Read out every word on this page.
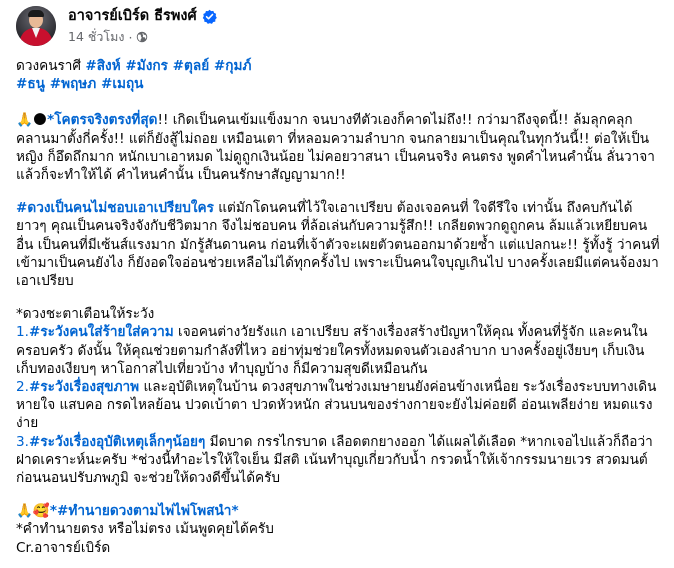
อาจารย์เบิร์ด ธีรพงศ์
14 ชั่วโมง ·

ดวงคนราศี #สิงห์ #มังกร #ตุลย์ #กุมภ์
#ธนู #พฤษภ #เมถุน

🙏🌑*โคตรจริงตรงที่สุด!! เกิดเป็นคนเข้มแข็งมาก จนบางทีตัวเองก็คาดไม่ถึง!! กว่ามาถึงจุดนี้!! ล้มลุกคลุกคลานมาตั้งกี่ครั้ง!! แต่ก็ยังสู้ไม่ถอย เหมือนเตา ที่หลอมความลำบาก จนกลายมาเป็นคุณในทุกวันนี้!! ต่อให้เป็นหญิง ก็อึดถึกมาก หนักเบาเอาหมด ไม่ดูถูกเงินน้อย ไม่คอยวาสนา เป็นคนจริง คนตรง พูดคำไหนคำนั้น ลั่นวาจาแล้วก็จะทำให้ได้ คำไหนคำนั้น เป็นคนรักษาสัญญามาก!!

#ดวงเป็นคนไม่ชอบเอาเปรียบใคร แต่มักโดนคนที่ไว้ใจเอาเปรียบ ต้องเจอคนที่ ใจดีรึใจ เท่านั้น ถึงคบกันได้ยาวๆ คุณเป็นคนจริงจังกับชีวิตมาก จึงไม่ชอบคน ที่ล้อเล่นกับความรู้สึก!! เกลียดพวกดูถูกคน ล้มแล้วเหยียบคนอื่น เป็นคนที่มีเซ้นส์แรงมาก มักรู้สันดานคน ก่อนที่เจ้าตัวจะเผยตัวตนออกมาด้วยซ้ำ แต่แปลกนะ!! รู้ทั้งรู้ ว่าคนที่เข้ามาเป็นคนยังไง ก็ยังอดใจอ่อนช่วยเหลือไม่ได้ทุกครั้งไป เพราะเป็นคนใจบุญเกินไป บางครั้งเลยมีแต่คนจ้องมาเอาเปรียบ

*ดวงชะตาเตือนให้ระวัง

1.#ระวังคนใส่ร้ายใส่ความ เจอคนต่างวัยรังแก เอาเปรียบ สร้างเรื่องสร้างปัญหาให้คุณ ทั้งคนที่รู้จัก และคนในครอบครัว ดังนั้น ให้คุณช่วยตามกำลังที่ไหว อย่าทุ่มช่วยใครทั้งหมดจนตัวเองลำบาก บางครั้งอยู่เงียบๆ เก็บเงินเก็บทองเงียบๆ หาโอกาสไปเที่ยวบ้าง ทำบุญบ้าง ก็มีความสุขดีเหมือนกัน

2.#ระวังเรื่องสุขภาพ และอุบัติเหตุในบ้าน ดวงสุขภาพในช่วงเมษายนยังค่อนข้างเหนื่อย ระวังเรื่องระบบทางเดินหายใจ แสบคอ กรดไหลย้อน ปวดเบ้าตา ปวดหัวหนัก ส่วนบนของร่างกายจะยังไม่ค่อยดี อ่อนเพลียง่าย หมดแรงง่าย

3.#ระวังเรื่องอุบัติเหตุเล็กๆน้อยๆ มีดบาด กรรไกรบาด เลือดตกยางออก ได้แผลได้เลือด *หากเจอไปแล้วก็ถือว่าฝาดเคราะห์นะครับ *ช่วงนี้ทำอะไรให้ใจเย็น มีสติ เน้นทำบุญเกี่ยวกับน้ำ กรวดน้ำให้เจ้ากรรมนายเวร สวดมนต์ก่อนนอนปรับภพภูมิ จะช่วยให้ดวงดีขึ้นได้ครับ

🙏🥰*#ทำนายดวงตามไพ่ไพ่โพสนำ*

*คำทำนายตรง หรือไม่ตรง เม้นพูดคุยได้ครับ

Cr.อาจารย์เบิร์ด
